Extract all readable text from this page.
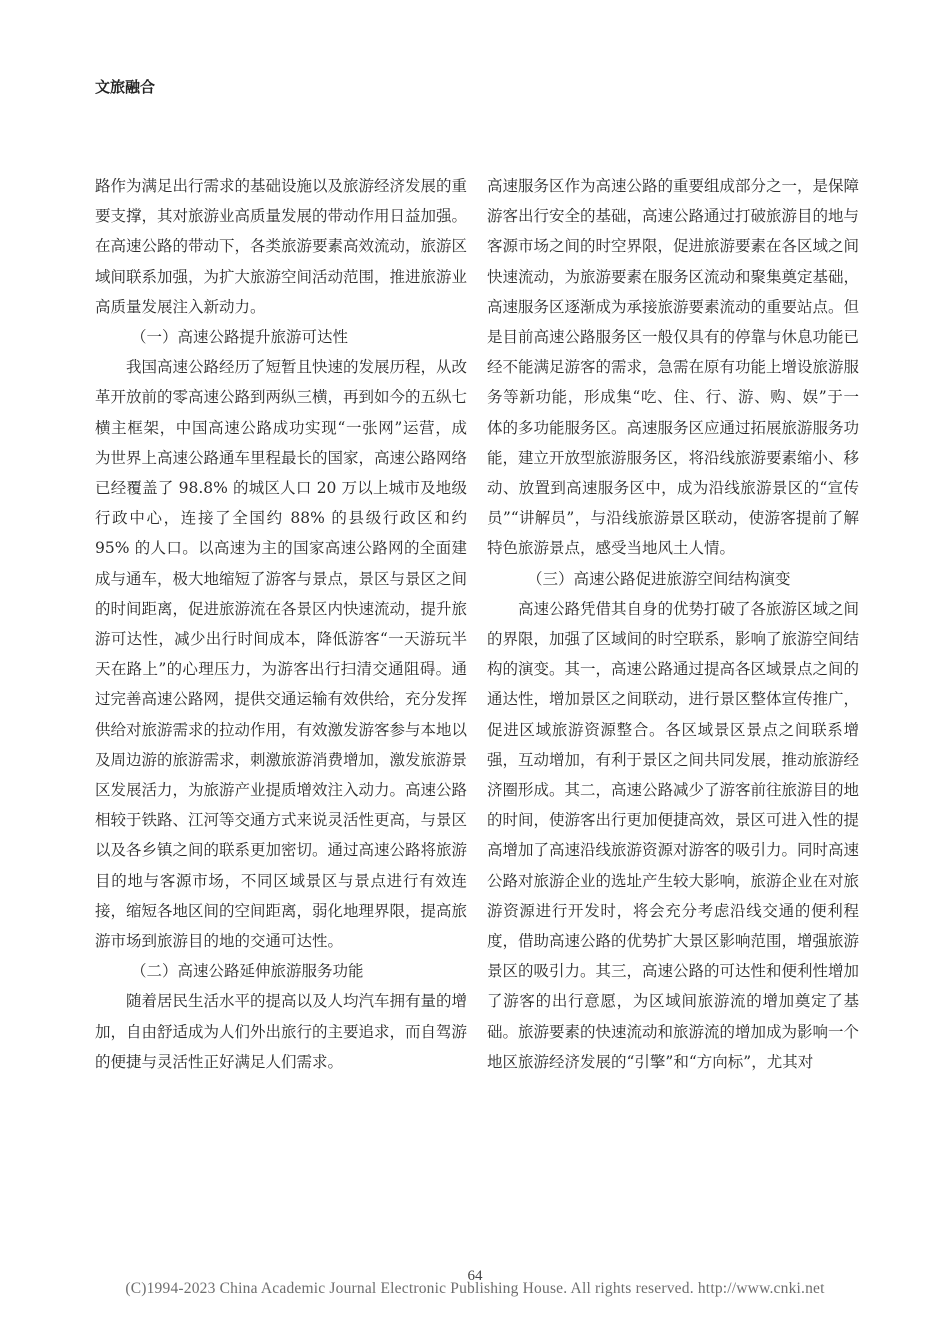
文旅融合

路作为满足出行需求的基础设施以及旅游经济发展的重要支撑，其对旅游业高质量发展的带动作用日益加强。在高速公路的带动下，各类旅游要素高效流动，旅游区域间联系加强，为扩大旅游空间活动范围，推进旅游业高质量发展注入新动力。

（一）高速公路提升旅游可达性

我国高速公路经历了短暂且快速的发展历程，从改革开放前的零高速公路到两纵三横，再到如今的五纵七横主框架，中国高速公路成功实现“一张网”运营，成为世界上高速公路通车里程最长的国家，高速公路网络已经覆盖了 98.8% 的城区人口 20 万以上城市及地级行政中心，连接了全国约 88% 的县级行政区和约 95% 的人口。以高速为主的国家高速公路网的全面建成与通车，极大地缩短了游客与景点，景区与景区之间的时间距离，促进旅游流在各景区内快速流动，提升旅游可达性，减少出行时间成本，降低游客“一天游玩半天在路上”的心理压力，为游客出行扫清交通阻碍。通过完善高速公路网，提供交通运输有效供给，充分发挥供给对旅游需求的拉动作用，有效激发游客参与本地以及周边游的旅游需求，刺激旅游消费增加，激发旅游景区发展活力，为旅游产业提质增效注入动力。高速公路相较于铁路、江河等交通方式来说灵活性更高，与景区以及各乡镇之间的联系更加密切。通过高速公路将旅游目的地与客源市场，不同区域景区与景点进行有效连接，缩短各地区间的空间距离，弱化地理界限，提高旅游市场到旅游目的地的交通可达性。

（二）高速公路延伸旅游服务功能

随着居民生活水平的提高以及人均汽车拥有量的增加，自由舒适成为人们外出旅行的主要追求，而自驾游的便捷与灵活性正好满足人们需求。

高速服务区作为高速公路的重要组成部分之一，是保障游客出行安全的基础，高速公路通过打破旅游目的地与客源市场之间的时空界限，促进旅游要素在各区域之间快速流动，为旅游要素在服务区流动和聚集奠定基础，高速服务区逐渐成为承接旅游要素流动的重要站点。但是目前高速公路服务区一般仅具有的停靠与休息功能已经不能满足游客的需求，急需在原有功能上增设旅游服务等新功能，形成集“吃、住、行、游、购、娱”于一体的多功能服务区。高速服务区应通过拓展旅游服务功能，建立开放型旅游服务区，将沿线旅游要素缩小、移动、放置到高速服务区中，成为沿线旅游景区的“宣传员”“讲解员”，与沿线旅游景区联动，使游客提前了解特色旅游景点，感受当地风土人情。

（三）高速公路促进旅游空间结构演变

高速公路凭借其自身的优势打破了各旅游区域之间的界限，加强了区域间的时空联系，影响了旅游空间结构的演变。其一，高速公路通过提高各区域景点之间的通达性，增加景区之间联动，进行景区整体宣传推广，促进区域旅游资源整合。各区域景区景点之间联系增强，互动增加，有利于景区之间共同发展，推动旅游经济圈形成。其二，高速公路减少了游客前往旅游目的地的时间，使游客出行更加便捷高效，景区可进入性的提高增加了高速沿线旅游资源对游客的吸引力。同时高速公路对旅游企业的选址产生较大影响，旅游企业在对旅游资源进行开发时，将会充分考虑沿线交通的便利程度，借助高速公路的优势扩大景区影响范围，增强旅游景区的吸引力。其三，高速公路的可达性和便利性增加了游客的出行意愿，为区域间旅游流的增加奠定了基础。旅游要素的快速流动和旅游流的增加成为影响一个地区旅游经济发展的“引擎”和“方向标”，尤其对

64
(C)1994-2023 China Academic Journal Electronic Publishing House. All rights reserved. http://www.cnki.net
